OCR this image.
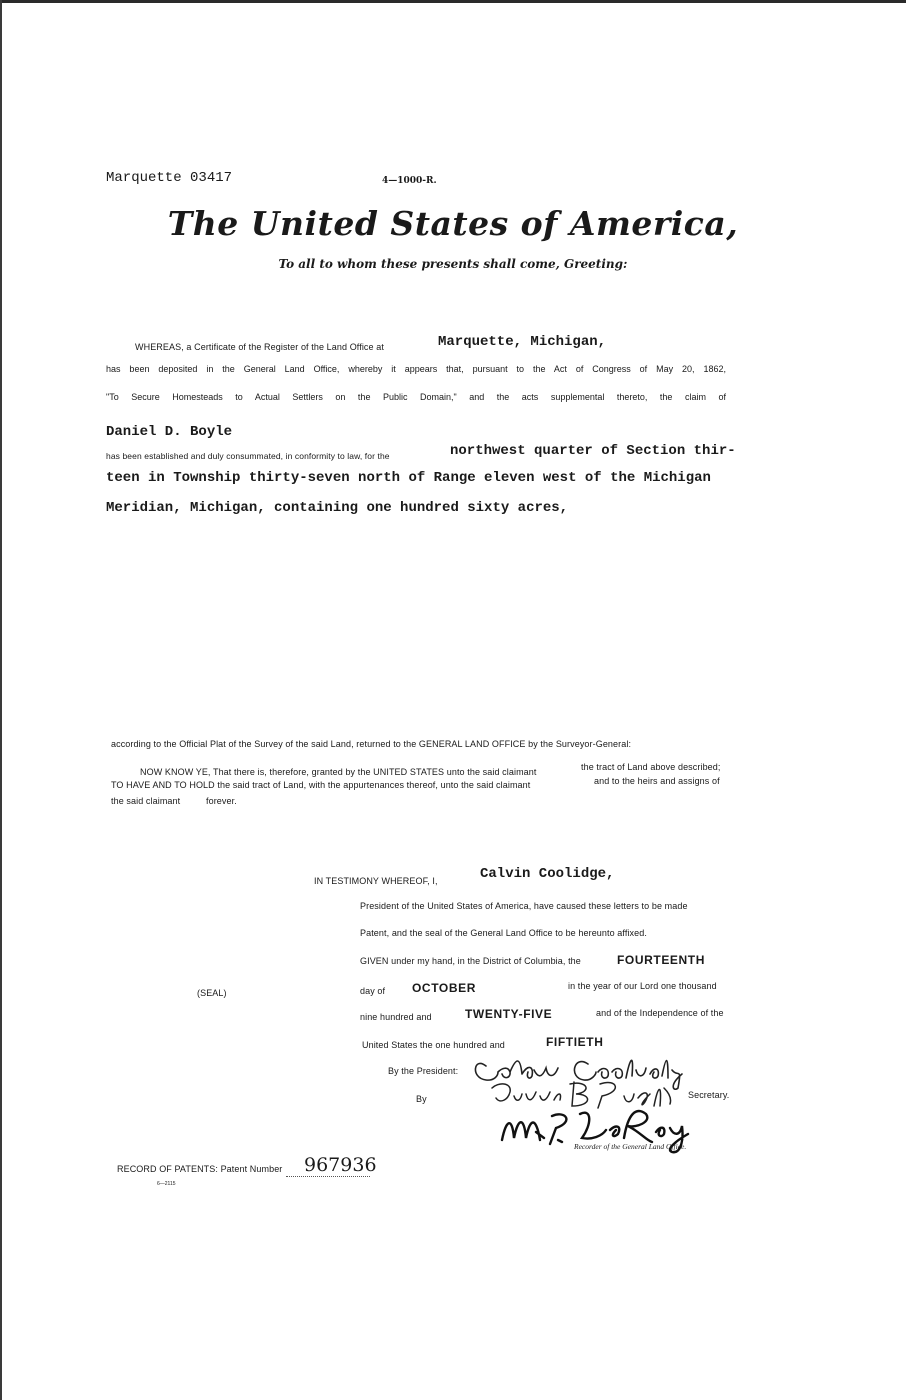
Marquette 03417	4—1000-R.
The United States of America,
To all to whom these presents shall come, Greeting:
WHEREAS, a Certificate of the Register of the Land Office at	Marquette, Michigan,
has been deposited in the General Land Office, whereby it appears that, pursuant to the Act of Congress of May 20, 1862,
"To Secure Homesteads to Actual Settlers on the Public Domain," and the acts supplemental thereto, the claim of
Daniel D. Boyle
has been established and duly consummated, in conformity to law, for the	northwest quarter of Section thir-
teen in Township thirty-seven north of Range eleven west of the Michigan
Meridian, Michigan, containing one hundred sixty acres,
according to the Official Plat of the Survey of the said Land, returned to the GENERAL LAND OFFICE by the Surveyor-General:
NOW KNOW YE, That there is, therefore, granted by the UNITED STATES unto the said claimant	the tract of Land above described;
TO HAVE AND TO HOLD the said tract of Land, with the appurtenances thereof, unto the said claimant	and to the heirs and assigns of
the said claimant	forever.
IN TESTIMONY WHEREOF, I,	Calvin Coolidge,
President of the United States of America, have caused these letters to be made
Patent, and the seal of the General Land Office to be hereunto affixed.
GIVEN under my hand, in the District of Columbia, the	FOURTEENTH
day of OCTOBER	in the year of our Lord one thousand
(SEAL)
nine hundred and	TWENTY-FIVE	and of the Independence of the
United States the one hundred and	FIFTIETH
By the President:
By	Secretary.
Recorder of the General Land Office.
RECORD OF PATENTS: Patent Number 967936
6—2115
